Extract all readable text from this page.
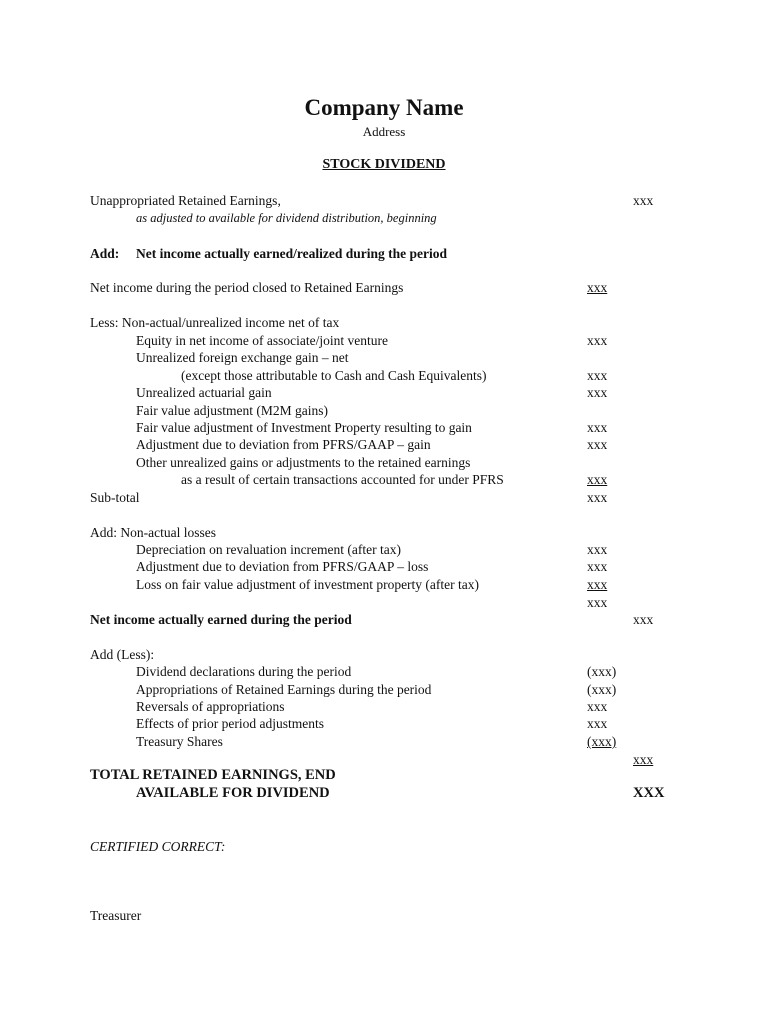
Company Name
Address
STOCK DIVIDEND
Unappropriated Retained Earnings,	xxx
as adjusted to available for dividend distribution, beginning
Add: Net income actually earned/realized during the period
Net income during the period closed to Retained Earnings	xxx
Less: Non-actual/unrealized income net of tax
Equity in net income of associate/joint venture	xxx
Unrealized foreign exchange gain – net
(except those attributable to Cash and Cash Equivalents)	xxx
Unrealized actuarial gain	xxx
Fair value adjustment (M2M gains)
Fair value adjustment of Investment Property resulting to gain	xxx
Adjustment due to deviation from PFRS/GAAP – gain	xxx
Other unrealized gains or adjustments to the retained earnings
as a result of certain transactions accounted for under PFRS	xxx
Sub-total	xxx
Add: Non-actual losses
Depreciation on revaluation increment (after tax)	xxx
Adjustment due to deviation from PFRS/GAAP – loss	xxx
Loss on fair value adjustment of investment property (after tax)	xxx
xxx
Net income actually earned during the period	xxx
Add (Less):
Dividend declarations during the period	(xxx)
Appropriations of Retained Earnings during the period	(xxx)
Reversals of appropriations	xxx
Effects of prior period adjustments	xxx
Treasury Shares	(xxx)
xxx
TOTAL RETAINED EARNINGS, END
AVAILABLE FOR DIVIDEND	XXX
CERTIFIED CORRECT:
Treasurer
